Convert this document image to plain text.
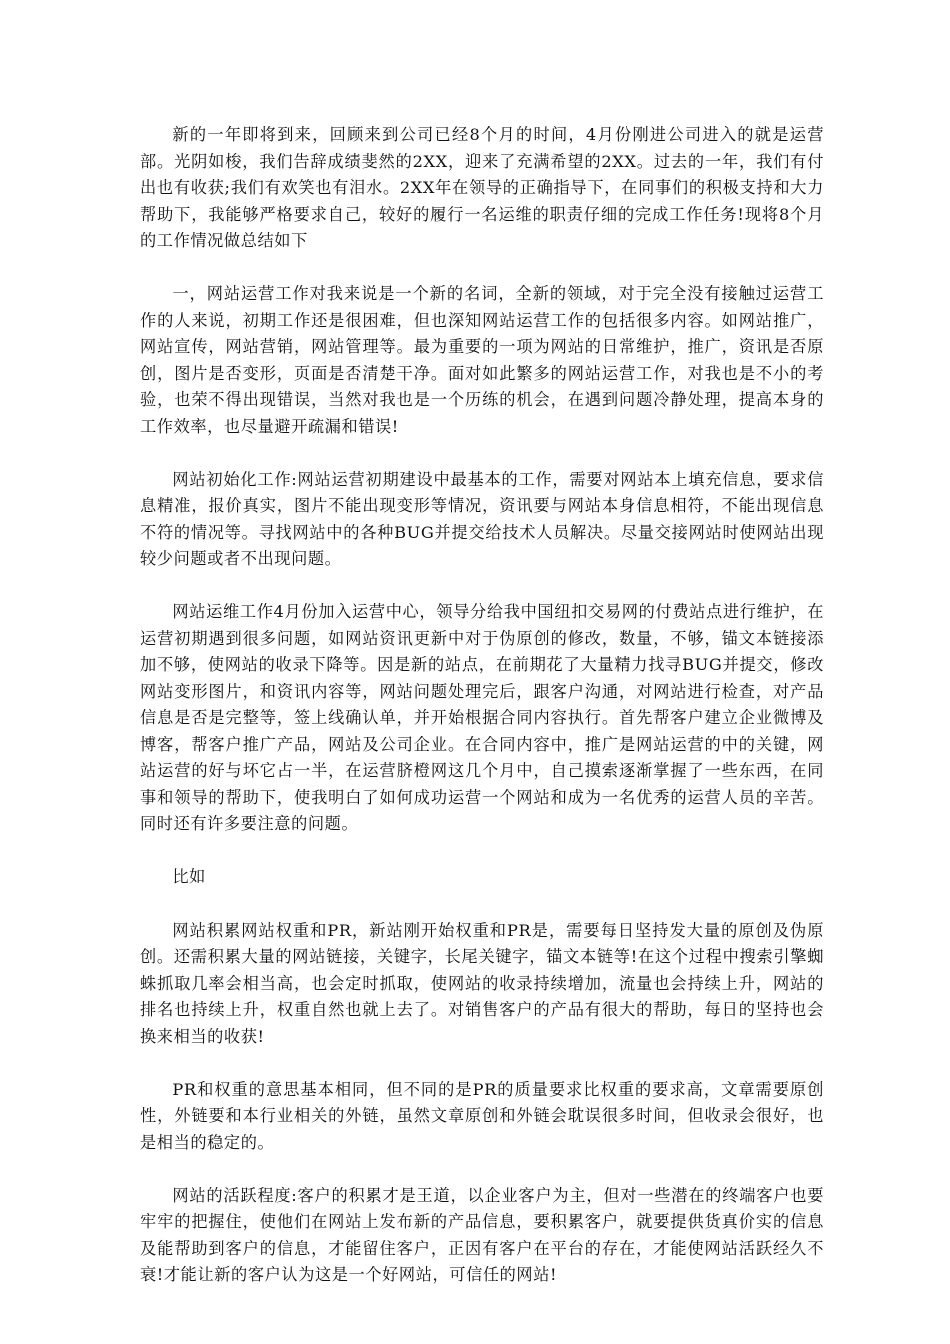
新的一年即将到来，回顾来到公司已经8个月的时间，4月份刚进公司进入的就是运营部。光阴如梭，我们告辞成绩斐然的2XX，迎来了充满希望的2XX。过去的一年，我们有付出也有收获;我们有欢笑也有泪水。2XX年在领导的正确指导下，在同事们的积极支持和大力帮助下，我能够严格要求自己，较好的履行一名运维的职责仔细的完成工作任务!现将8个月的工作情况做总结如下

一，网站运营工作对我来说是一个新的名词，全新的领域，对于完全没有接触过运营工作的人来说，初期工作还是很困难，但也深知网站运营工作的包括很多内容。如网站推广，网站宣传，网站营销，网站管理等。最为重要的一项为网站的日常维护，推广，资讯是否原创，图片是否变形，页面是否清楚干净。面对如此繁多的网站运营工作，对我也是不小的考验，也荣不得出现错误，当然对我也是一个历练的机会，在遇到问题冷静处理，提高本身的工作效率，也尽量避开疏漏和错误!

网站初始化工作:网站运营初期建设中最基本的工作，需要对网站本上填充信息，要求信息精准，报价真实，图片不能出现变形等情况，资讯要与网站本身信息相符，不能出现信息不符的情况等。寻找网站中的各种BUG并提交给技术人员解决。尽量交接网站时使网站出现较少问题或者不出现问题。

网站运维工作4月份加入运营中心，领导分给我中国纽扣交易网的付费站点进行维护，在运营初期遇到很多问题，如网站资讯更新中对于伪原创的修改，数量，不够，锚文本链接添加不够，使网站的收录下降等。因是新的站点，在前期花了大量精力找寻BUG并提交，修改网站变形图片，和资讯内容等，网站问题处理完后，跟客户沟通，对网站进行检查，对产品信息是否是完整等，签上线确认单，并开始根据合同内容执行。首先帮客户建立企业微博及博客，帮客户推广产品，网站及公司企业。在合同内容中，推广是网站运营的中的关键，网站运营的好与坏它占一半，在运营脐橙网这几个月中，自己摸索逐渐掌握了一些东西，在同事和领导的帮助下，使我明白了如何成功运营一个网站和成为一名优秀的运营人员的辛苦。同时还有许多要注意的问题。

比如

网站积累网站权重和PR，新站刚开始权重和PR是，需要每日坚持发大量的原创及伪原创。还需积累大量的网站链接，关键字，长尾关键字，锚文本链等!在这个过程中搜索引擎蜘蛛抓取几率会相当高，也会定时抓取，使网站的收录持续增加，流量也会持续上升，网站的排名也持续上升，权重自然也就上去了。对销售客户的产品有很大的帮助，每日的坚持也会换来相当的收获!

PR和权重的意思基本相同，但不同的是PR的质量要求比权重的要求高，文章需要原创性，外链要和本行业相关的外链，虽然文章原创和外链会耽误很多时间，但收录会很好，也是相当的稳定的。

网站的活跃程度:客户的积累才是王道，以企业客户为主，但对一些潜在的终端客户也要牢牢的把握住，使他们在网站上发布新的产品信息，要积累客户，就要提供货真价实的信息及能帮助到客户的信息，才能留住客户，正因有客户在平台的存在，才能使网站活跃经久不衰!才能让新的客户认为这是一个好网站，可信任的网站!
